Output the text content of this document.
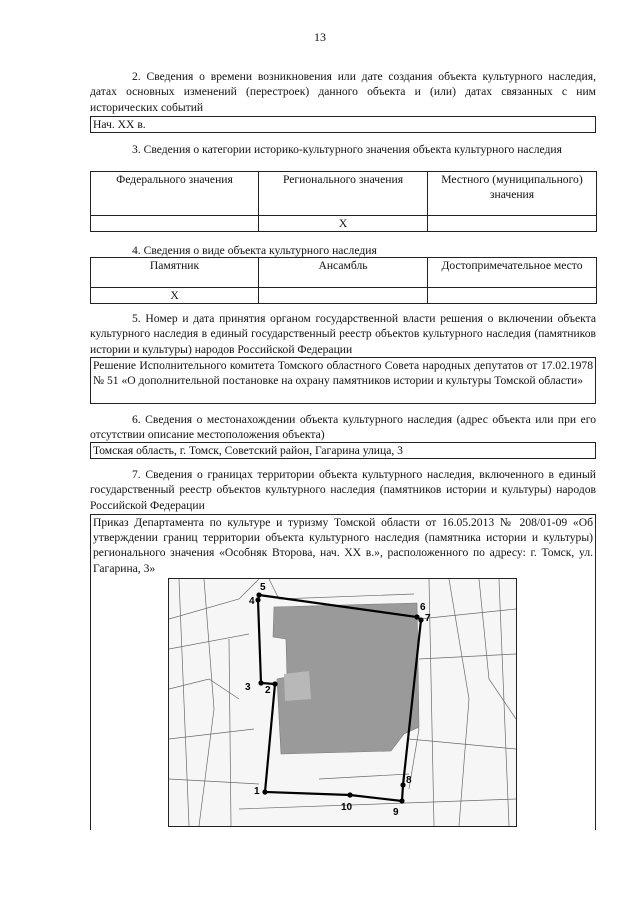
13

2. Сведения о времени возникновения или дате создания объекта культурного наследия, датах основных изменений (перестроек) данного объекта и (или) датах связанных с ним исторических событий

Нач. XX в.

3. Сведения о категории историко-культурного значения объекта культурного наследия

Федерального значения	Регионального значения	Местного (муниципального) значения
	Х	

4. Сведения о виде объекта культурного наследия

Памятник	Ансамбль	Достопримечательное место
Х		

5. Номер и дата принятия органом государственной власти решения о включении объекта культурного наследия в единый государственный реестр объектов культурного наследия (памятников истории и культуры) народов Российской Федерации

Решение Исполнительного комитета Томского областного Совета народных депутатов от 17.02.1978 № 51 «О дополнительной постановке на охрану памятников истории и культуры Томской области»

6. Сведения о местонахождении объекта культурного наследия (адрес объекта или при его отсутствии описание местоположения объекта)

Томская область, г. Томск, Советский район, Гагарина улица, 3

7. Сведения о границах территории объекта культурного наследия, включенного в единый государственный реестр объектов культурного наследия (памятников истории и культуры) народов Российской Федерации

Приказ Департамента по культуре и туризму Томской области от 16.05.2013 № 208/01-09 «Об утверждении границ территории объекта культурного наследия (памятника истории и культуры) регионального значения «Особняк Второва, нач. XX в.», расположенного по адресу: г. Томск, ул. Гагарина, 3»
1
2
3
4
5
6
7
8
9
10
